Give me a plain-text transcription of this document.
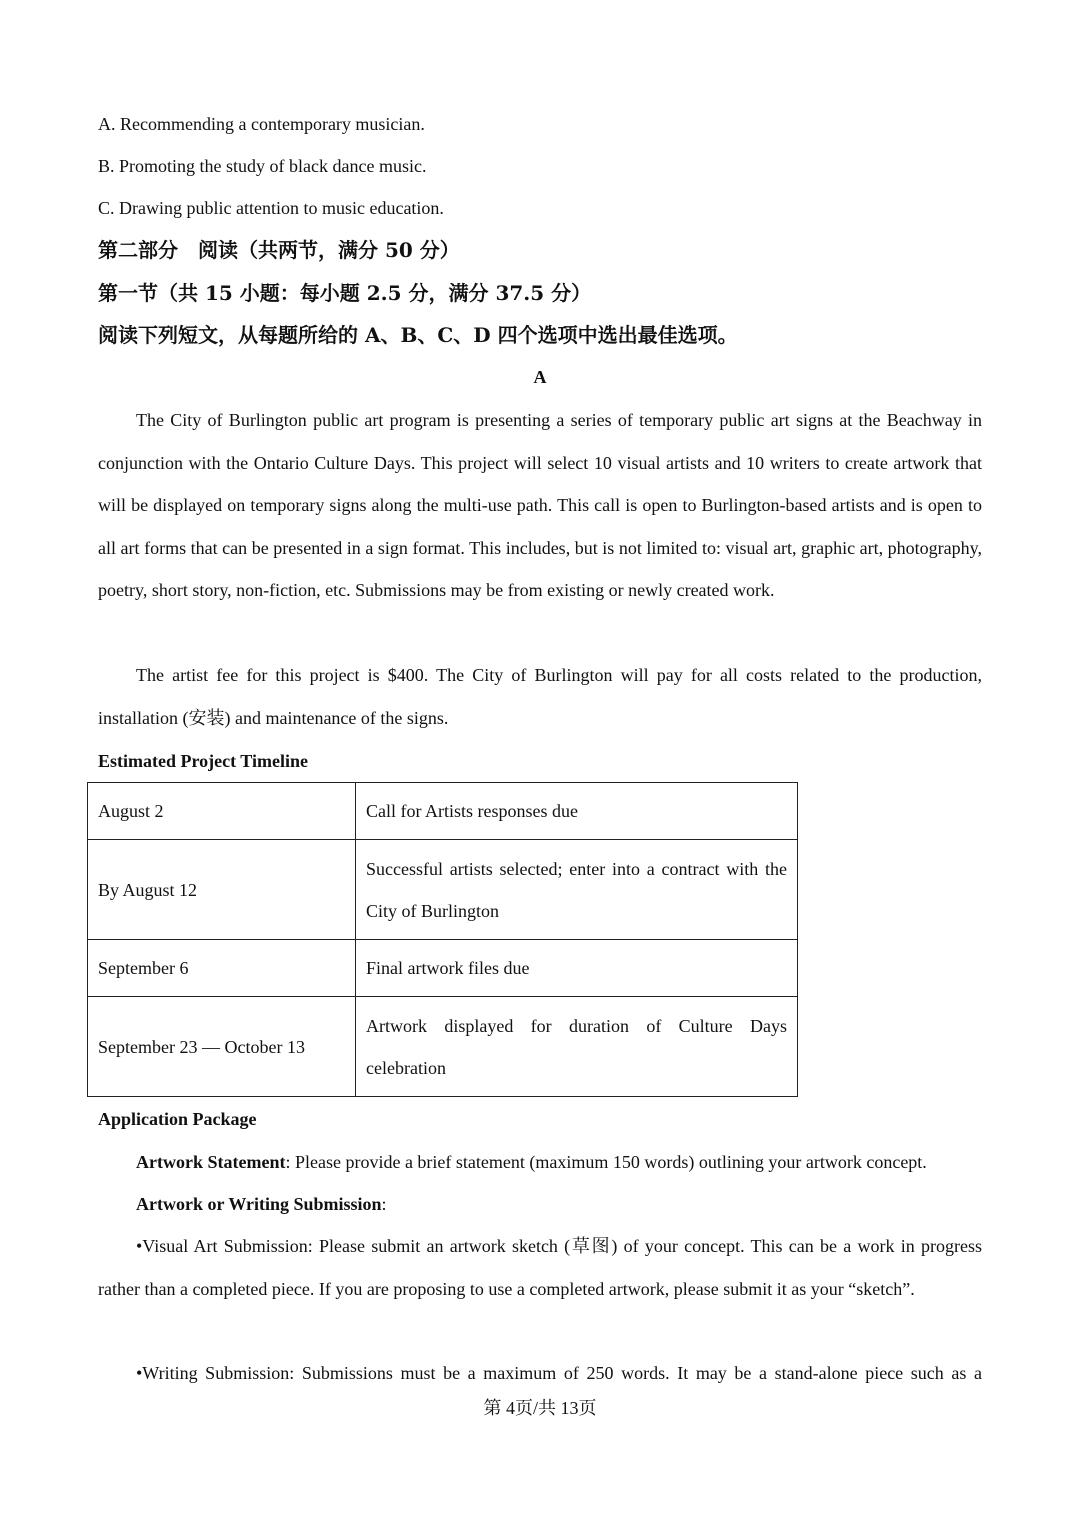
A. Recommending a contemporary musician.
B. Promoting the study of black dance music.
C. Drawing public attention to music education.
第二部分　阅读（共两节，满分 50 分）
第一节（共 15 小题：每小题 2.5 分，满分 37.5 分）
阅读下列短文，从每题所给的 A、B、C、D 四个选项中选出最佳选项。
A

The City of Burlington public art program is presenting a series of temporary public art signs at the Beachway in conjunction with the Ontario Culture Days. This project will select 10 visual artists and 10 writers to create artwork that will be displayed on temporary signs along the multi-use path. This call is open to Burlington-based artists and is open to all art forms that can be presented in a sign format. This includes, but is not limited to: visual art, graphic art, photography, poetry, short story, non-fiction, etc. Submissions may be from existing or newly created work.

The artist fee for this project is $400. The City of Burlington will pay for all costs related to the production, installation (安装) and maintenance of the signs.

Estimated Project Timeline
August 2	Call for Artists responses due
By August 12	Successful artists selected; enter into a contract with the City of Burlington
September 6	Final artwork files due
September 23 — October 13	Artwork displayed for duration of Culture Days celebration
Application Package
Artwork Statement: Please provide a brief statement (maximum 150 words) outlining your artwork concept.
Artwork or Writing Submission:

•Visual Art Submission: Please submit an artwork sketch (草图) of your concept. This can be a work in progress rather than a completed piece. If you are proposing to use a completed artwork, please submit it as your “sketch”.

•Writing Submission: Submissions must be a maximum of 250 words. It may be a stand-alone piece such as a

第 4页/共 13页
